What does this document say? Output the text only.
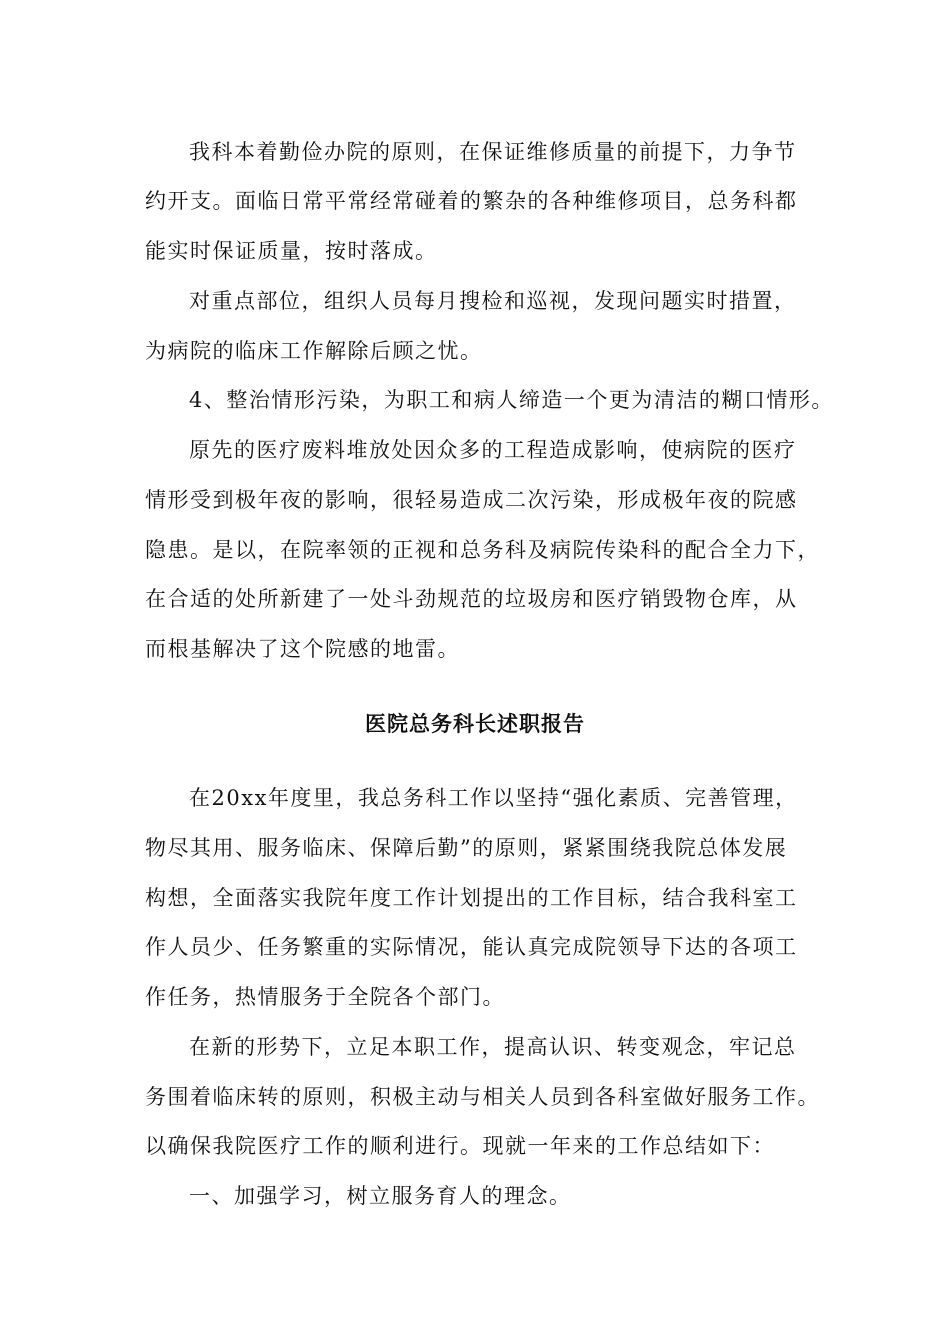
我科本着勤俭办院的原则，在保证维修质量的前提下，力争节
约开支。面临日常平常经常碰着的繁杂的各种维修项目，总务科都
能实时保证质量，按时落成。
对重点部位，组织人员每月搜检和巡视，发现问题实时措置，
为病院的临床工作解除后顾之忧。
4、整治情形污染，为职工和病人缔造一个更为清洁的糊口情形。
原先的医疗废料堆放处因众多的工程造成影响，使病院的医疗
情形受到极年夜的影响，很轻易造成二次污染，形成极年夜的院感
隐患。是以，在院率领的正视和总务科及病院传染科的配合全力下，
在合适的处所新建了一处斗劲规范的垃圾房和医疗销毁物仓库，从
而根基解决了这个院感的地雷。
医院总务科长述职报告
在20xx年度里，我总务科工作以坚持“强化素质、完善管理，
物尽其用、服务临床、保障后勤”的原则，紧紧围绕我院总体发展
构想，全面落实我院年度工作计划提出的工作目标，结合我科室工
作人员少、任务繁重的实际情况，能认真完成院领导下达的各项工
作任务，热情服务于全院各个部门。
在新的形势下，立足本职工作，提高认识、转变观念，牢记总
务围着临床转的原则，积极主动与相关人员到各科室做好服务工作。
以确保我院医疗工作的顺利进行。现就一年来的工作总结如下：
一、加强学习，树立服务育人的理念。
